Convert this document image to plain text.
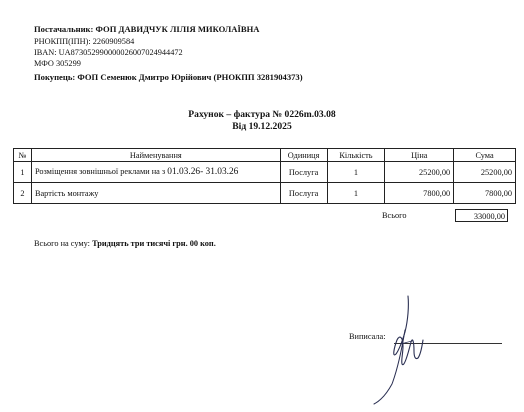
Постачальник: ФОП ДАВИДЧУК ЛІЛІЯ МИКОЛАЇВНА
РНОКПП(ІПН): 2260909584
IBAN: UA873052990000026007024944472
МФО 305299
Покупець: ФОП Семенюк Дмитро Юрійович (РНОКПП 3281904373)
Рахунок – фактура № 0226m.03.08
Від 19.12.2025
№	Найменування	Одиниця	Кількість	Ціна	Сума
1	Розміщення зовнішньої реклами на з 01.03.26- 31.03.26	Послуга	1	25200,00	25200,00
2	Вартість монтажу	Послуга	1	7800,00	7800,00
Всього	33000,00
Всього на суму: Тридцять три тисячі грн. 00 коп.
Виписала:
